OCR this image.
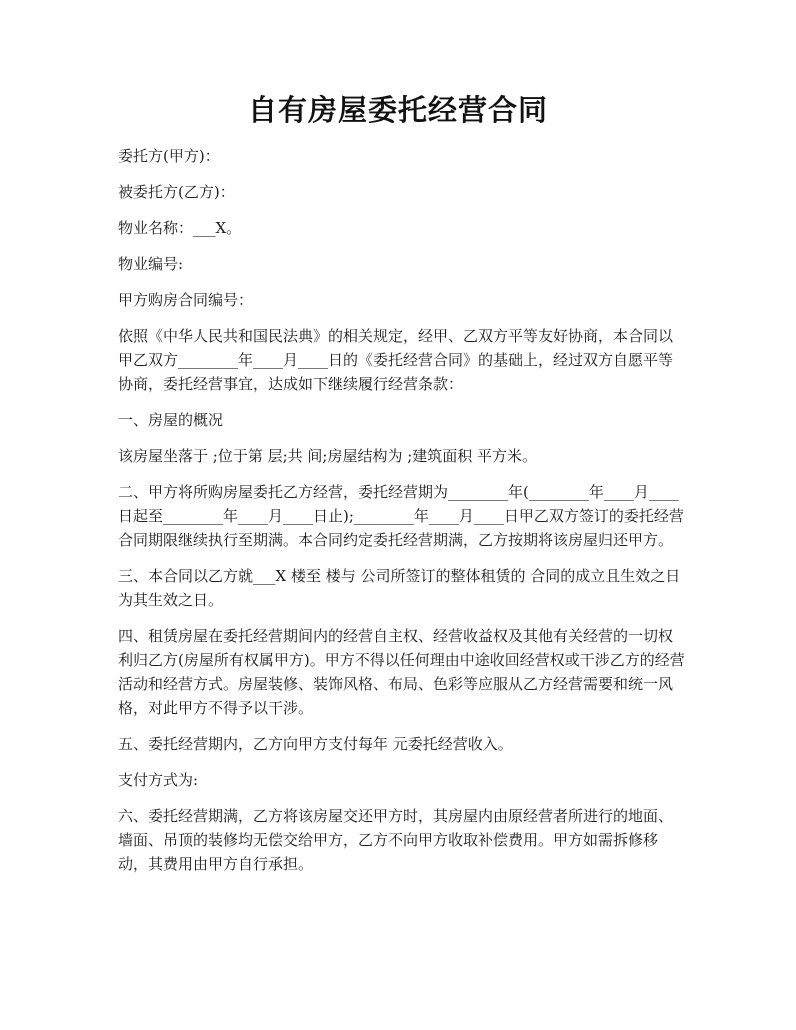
自有房屋委托经营合同

委托方(甲方)：

被委托方(乙方)：

物业名称：___X。

物业编号:

甲方购房合同编号：

依照《中华人民共和国民法典》的相关规定，经甲、乙双方平等友好协商，本合同以甲乙双方________年____月____日的《委托经营合同》的基础上，经过双方自愿平等协商，委托经营事宜，达成如下继续履行经营条款：

一、房屋的概况

该房屋坐落于 ;位于第 层;共 间;房屋结构为 ;建筑面积 平方米。

二、甲方将所购房屋委托乙方经营，委托经营期为________年(________年____月____日起至________年____月____日止);________年____月____日甲乙双方签订的委托经营合同期限继续执行至期满。本合同约定委托经营期满，乙方按期将该房屋归还甲方。

三、本合同以乙方就___X 楼至 楼与 公司所签订的整体租赁的 合同的成立且生效之日为其生效之日。

四、租赁房屋在委托经营期间内的经营自主权、经营收益权及其他有关经营的一切权利归乙方(房屋所有权属甲方)。甲方不得以任何理由中途收回经营权或干涉乙方的经营活动和经营方式。房屋装修、装饰风格、布局、色彩等应服从乙方经营需要和统一风格，对此甲方不得予以干涉。

五、委托经营期内，乙方向甲方支付每年 元委托经营收入。

支付方式为:

六、委托经营期满，乙方将该房屋交还甲方时，其房屋内由原经营者所进行的地面、墙面、吊顶的装修均无偿交给甲方，乙方不向甲方收取补偿费用。甲方如需拆修移动，其费用由甲方自行承担。
